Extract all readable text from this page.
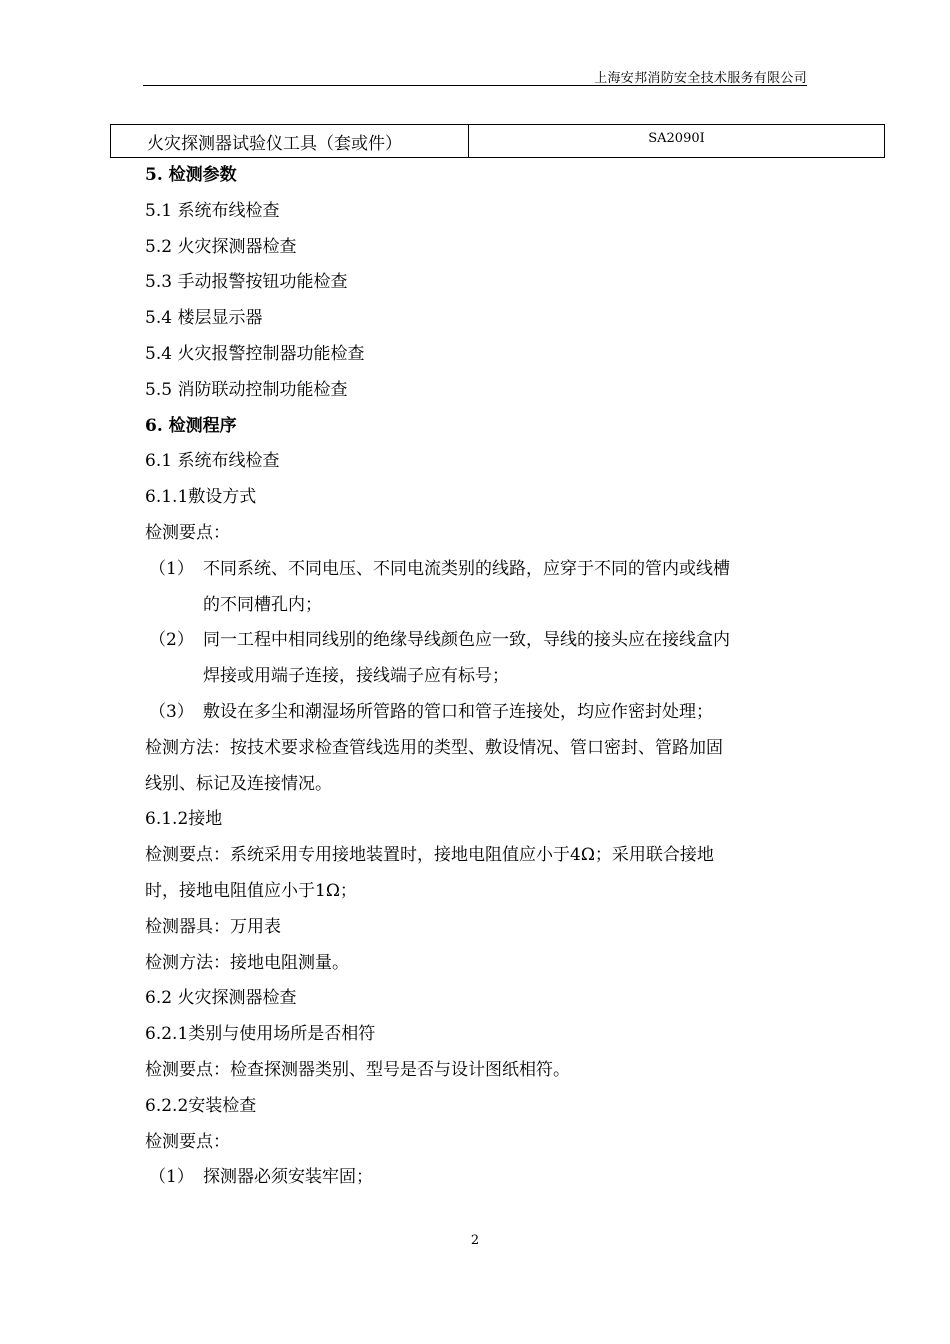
上海安邦消防安全技术服务有限公司
火灾探测器试验仪工具（套或件）	SA2090I
5. 检测参数
5.1 系统布线检查
5.2 火灾探测器检查
5.3 手动报警按钮功能检查
5.4 楼层显示器
5.4 火灾报警控制器功能检查
5.5 消防联动控制功能检查
6. 检测程序
6.1 系统布线检查
6.1.1敷设方式
检测要点：
（1） 不同系统、不同电压、不同电流类别的线路，应穿于不同的管内或线槽
的不同槽孔内；
（2） 同一工程中相同线别的绝缘导线颜色应一致，导线的接头应在接线盒内
焊接或用端子连接，接线端子应有标号；
（3） 敷设在多尘和潮湿场所管路的管口和管子连接处，均应作密封处理；
检测方法：按技术要求检查管线选用的类型、敷设情况、管口密封、管路加固
线别、标记及连接情况。
6.1.2接地
检测要点：系统采用专用接地装置时，接地电阻值应小于4Ω；采用联合接地
时，接地电阻值应小于1Ω；
检测器具：万用表
检测方法：接地电阻测量。
6.2 火灾探测器检查
6.2.1类别与使用场所是否相符
检测要点：检查探测器类别、型号是否与设计图纸相符。
6.2.2安装检查
检测要点：
（1） 探测器必须安装牢固；
2
